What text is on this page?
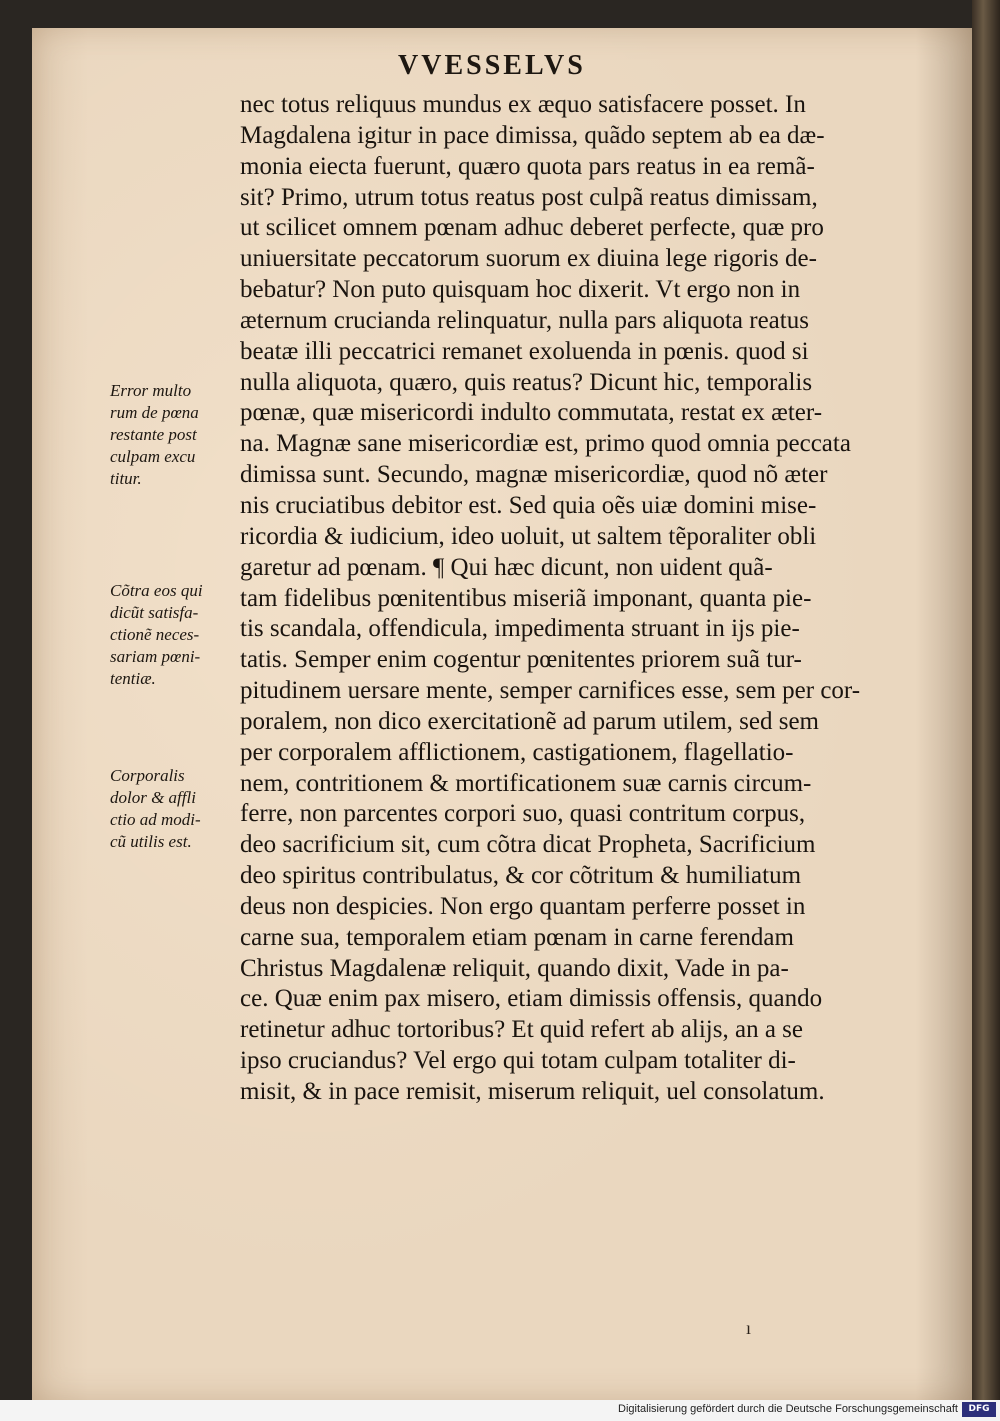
VVESSELVS
nec totus reliquus mundus ex æquo satisfacere posset. In
Magdalena igitur in pace dimissa, quãdo septem ab ea dæ-
monia eiecta fuerunt, quæro quota pars reatus in ea remã-
sit? Primo, utrum totus reatus post culpã reatus dimissam,
ut scilicet omnem pœnam adhuc deberet perfecte, quæ pro
uniuersitate peccatorum suorum ex diuina lege rigoris de-
bebatur? Non puto quisquam hoc dixerit. Vt ergo non in
æternum crucianda relinquatur, nulla pars aliquota reatus
beatæ illi peccatrici remanet exoluenda in pœnis. quod si
nulla aliquota, quæro, quis reatus? Dicunt hic, temporalis
pœnæ, quæ misericordi indulto commutata, restat ex æter-
na. Magnæ sane misericordiæ est, primo quod omnia peccata
dimissa sunt. Secundo, magnæ misericordiæ, quod nõ æter
nis cruciatibus debitor est. Sed quia oẽs uiæ domini mise-
ricordia & iudicium, ideo uoluit, ut saltem tẽporaliter obli
garetur ad pœnam. ¶ Qui hæc dicunt, non uident quã-
tam fidelibus pœnitentibus miseriã imponant, quanta pie-
tis scandala, offendicula, impedimenta struant in ijs pie-
tatis. Semper enim cogentur pœnitentes priorem suã tur-
pitudinem uersare mente, semper carnifices esse, sem per cor-
poralem, non dico exercitationẽ ad parum utilem, sed sem
per corporalem afflictionem, castigationem, flagellatio-
nem, contritionem & mortificationem suæ carnis circum-
ferre, non parcentes corpori suo, quasi contritum corpus,
deo sacrificium sit, cum cõtra dicat Propheta, Sacrificium
deo spiritus contribulatus, & cor cõtritum & humiliatum
deus non despicies. Non ergo quantam perferre posset in
carne sua, temporalem etiam pœnam in carne ferendam
Christus Magdalenæ reliquit, quando dixit, Vade in pa-
ce. Quæ enim pax misero, etiam dimissis offensis, quando
retinetur adhuc tortoribus? Et quid refert ab alijs, an a se
ipso cruciandus? Vel ergo qui totam culpam totaliter di-
misit, & in pace remisit, miserum reliquit, uel consolatum.
Error multo
rum de pœna
restante post
culpam excu
titur.
Cõtra eos qui
dicũt satisfa-
ctionẽ neces-
sariam pœni-
tentiæ.
Corporalis
dolor & affli
ctio ad modi-
cũ utilis est.
ı
Digitalisierung gefördert durch die Deutsche Forschungsgemeinschaft	DFG
